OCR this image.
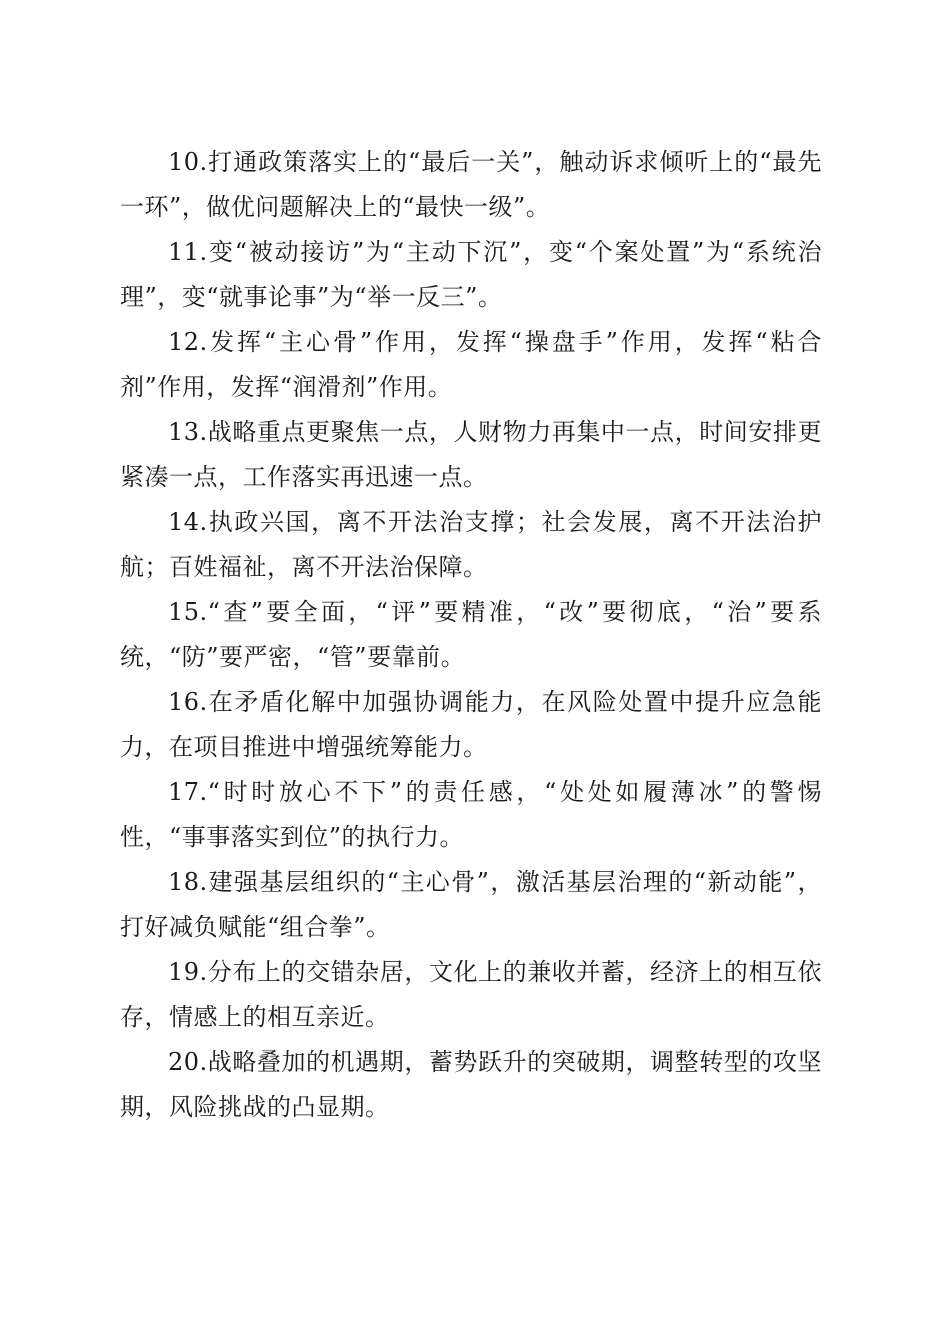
10.打通政策落实上的“最后一关”，触动诉求倾听上的“最先一环”，做优问题解决上的“最快一级”。

11.变“被动接访”为“主动下沉”，变“个案处置”为“系统治理”，变“就事论事”为“举一反三”。

12.发挥“主心骨”作用，发挥“操盘手”作用，发挥“粘合剂”作用，发挥“润滑剂”作用。

13.战略重点更聚焦一点，人财物力再集中一点，时间安排更紧凑一点，工作落实再迅速一点。

14.执政兴国，离不开法治支撑；社会发展，离不开法治护航；百姓福祉，离不开法治保障。

15.“查”要全面，“评”要精准，“改”要彻底，“治”要系统，“防”要严密，“管”要靠前。

16.在矛盾化解中加强协调能力，在风险处置中提升应急能力，在项目推进中增强统筹能力。

17.“时时放心不下”的责任感，“处处如履薄冰”的警惕性，“事事落实到位”的执行力。

18.建强基层组织的“主心骨”，激活基层治理的“新动能”，打好减负赋能“组合拳”。

19.分布上的交错杂居，文化上的兼收并蓄，经济上的相互依存，情感上的相互亲近。

20.战略叠加的机遇期，蓄势跃升的突破期，调整转型的攻坚期，风险挑战的凸显期。
